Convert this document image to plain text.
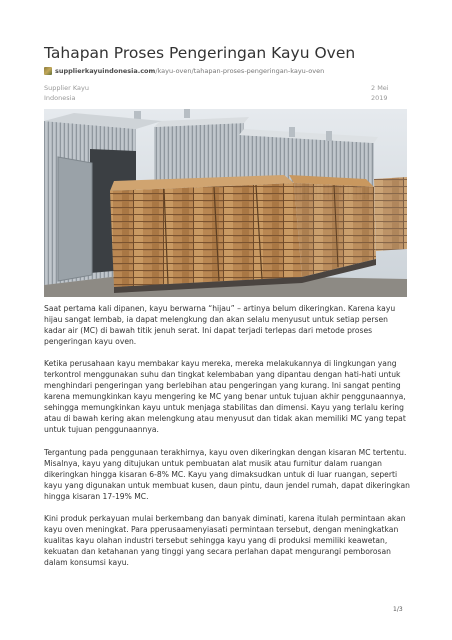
Tahapan Proses Pengeringan Kayu Oven
supplierkayuindonesia.com /kayu-oven/tahapan-proses-pengeringan-kayu-oven
Supplier Kayu
Indonesia
2 Mei
2019

Saat pertama kali dipanen, kayu berwarna “hijau” – artinya belum dikeringkan. Karena kayu hijau sangat lembab, ia dapat melengkung dan akan selalu menyusut untuk setiap persen kadar air (MC) di bawah titik jenuh serat. Ini dapat terjadi terlepas dari metode proses pengeringan kayu oven.

Ketika perusahaan kayu membakar kayu mereka, mereka melakukannya di lingkungan yang terkontrol menggunakan suhu dan tingkat kelembaban yang dipantau dengan hati-hati untuk menghindari pengeringan yang berlebihan atau pengeringan yang kurang. Ini sangat penting karena memungkinkan kayu mengering ke MC yang benar untuk tujuan akhir penggunaannya, sehingga memungkinkan kayu untuk menjaga stabilitas dan dimensi. Kayu yang terlalu kering atau di bawah kering akan melengkung atau menyusut dan tidak akan memiliki MC yang tepat untuk tujuan penggunaannya.

Tergantung pada penggunaan terakhirnya, kayu oven dikeringkan dengan kisaran MC tertentu. Misalnya, kayu yang ditujukan untuk pembuatan alat musik atau furnitur dalam ruangan dikeringkan hingga kisaran 6-8% MC. Kayu yang dimaksudkan untuk di luar ruangan, seperti kayu yang digunakan untuk membuat kusen, daun pintu, daun jendel rumah, dapat dikeringkan hingga kisaran 17-19% MC.

Kini produk perkayuan mulai berkembang dan banyak diminati, karena itulah permintaan akan kayu oven meningkat. Para pperusaamenyiasati permintaan tersebut, dengan meningkatkan kualitas kayu olahan industri tersebut sehingga kayu yang di produksi memiliki keawetan, kekuatan dan ketahanan yang tinggi yang secara perlahan dapat mengurangi pemborosan dalam konsumsi kayu.

1/3
